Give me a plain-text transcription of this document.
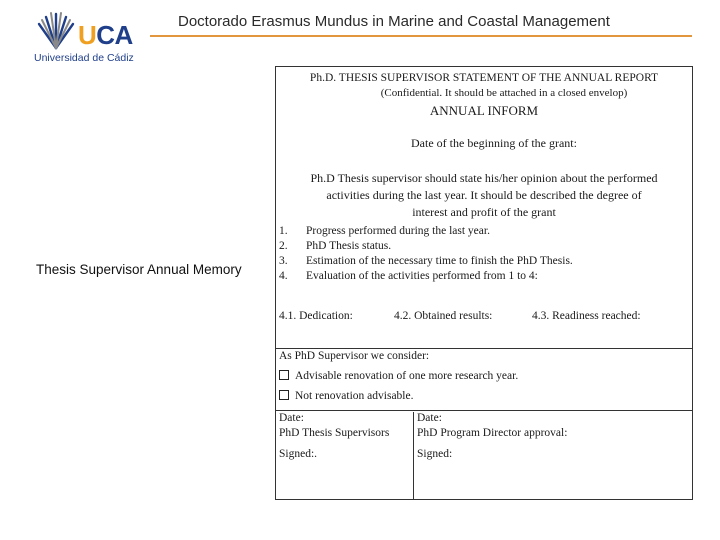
UCA
Universidad de Cádiz
Doctorado Erasmus Mundus in Marine and Coastal Management
Thesis Supervisor Annual Memory
Ph.D. THESIS SUPERVISOR STATEMENT OF THE ANNUAL REPORT
(Confidential. It should be attached in a closed envelop)
ANNUAL INFORM
Date of the beginning of the grant:
Ph.D Thesis supervisor should state his/her opinion about the performed
activities during the last year. It should be described the degree of
interest and profit of the grant
1. Progress performed during the last year.
2. PhD Thesis status.
3. Estimation of the necessary time to finish the PhD Thesis.
4. Evaluation of the activities performed from 1 to 4:
4.1. Dedication:	4.2. Obtained results:	4.3. Readiness reached:
As PhD Supervisor we consider:
Advisable renovation of one more research year.
Not renovation advisable.
Date:
PhD Thesis Supervisors
Signed:.
Date:
PhD Program Director approval:
Signed:
